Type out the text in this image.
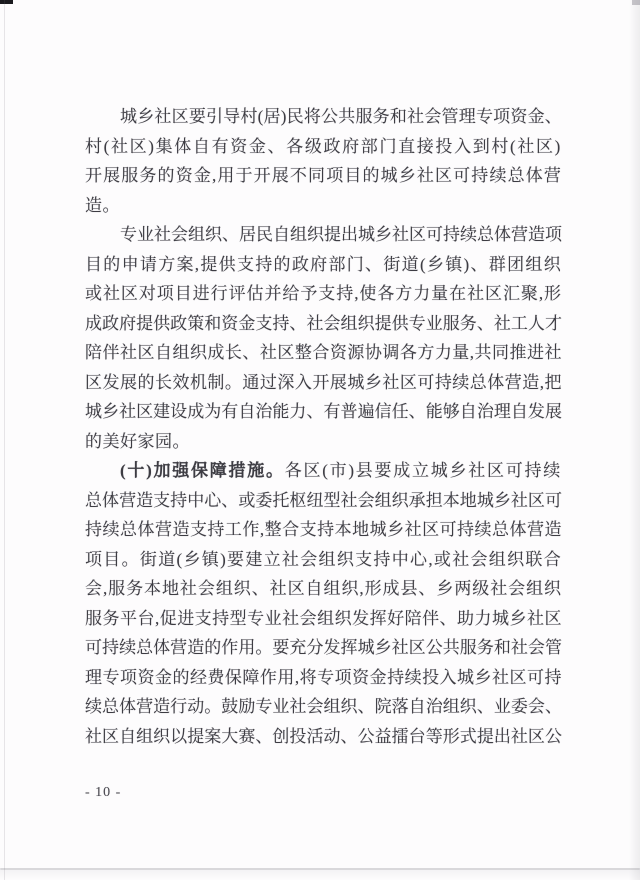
城乡社区要引导村(居)民将公共服务和社会管理专项资金、
村(社区)集体自有资金、各级政府部门直接投入到村(社区)
开展服务的资金,用于开展不同项目的城乡社区可持续总体营
造。
专业社会组织、居民自组织提出城乡社区可持续总体营造项
目的申请方案,提供支持的政府部门、街道(乡镇)、群团组织
或社区对项目进行评估并给予支持,使各方力量在社区汇聚,形
成政府提供政策和资金支持、社会组织提供专业服务、社工人才
陪伴社区自组织成长、社区整合资源协调各方力量,共同推进社
区发展的长效机制。通过深入开展城乡社区可持续总体营造,把
城乡社区建设成为有自治能力、有普遍信任、能够自治理自发展
的美好家园。
(十)加强保障措施。各区(市)县要成立城乡社区可持续
总体营造支持中心、或委托枢纽型社会组织承担本地城乡社区可
持续总体营造支持工作,整合支持本地城乡社区可持续总体营造
项目。街道(乡镇)要建立社会组织支持中心,或社会组织联合
会,服务本地社会组织、社区自组织,形成县、乡两级社会组织
服务平台,促进支持型专业社会组织发挥好陪伴、助力城乡社区
可持续总体营造的作用。要充分发挥城乡社区公共服务和社会管
理专项资金的经费保障作用,将专项资金持续投入城乡社区可持
续总体营造行动。鼓励专业社会组织、院落自治组织、业委会、
社区自组织以提案大赛、创投活动、公益擂台等形式提出社区公
- 10 -
